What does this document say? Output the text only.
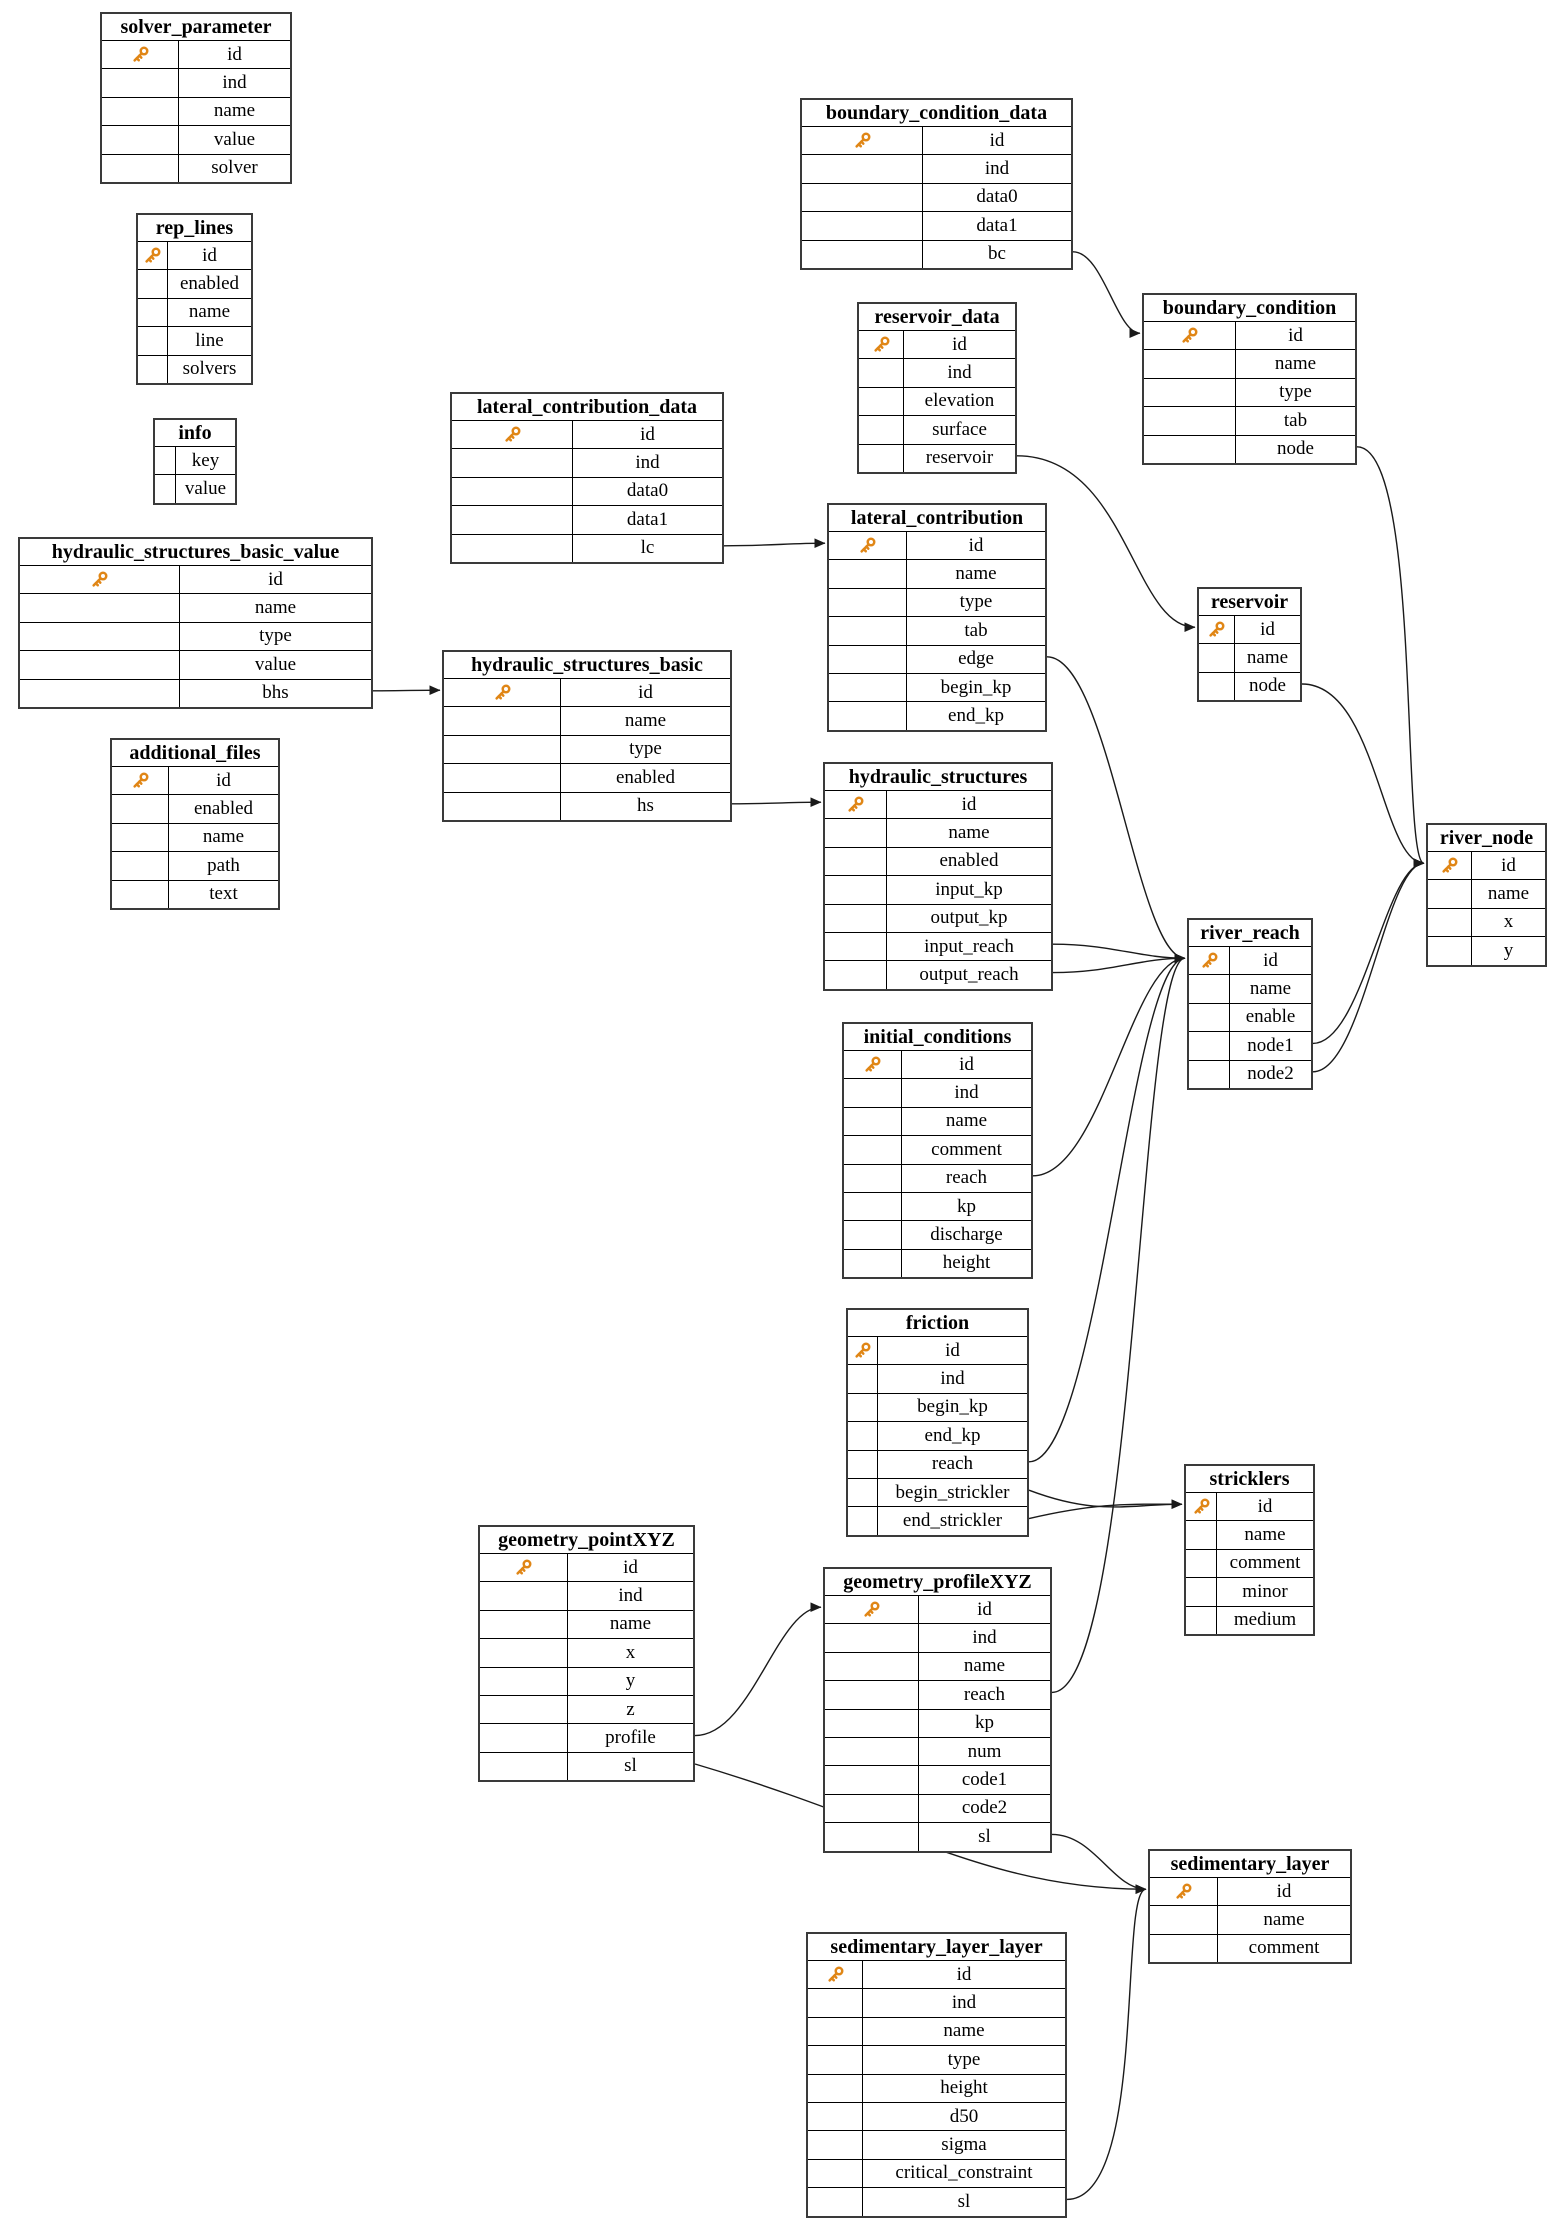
solver_parameter
id
ind
name
value
solver
rep_lines
id
enabled
name
line
solvers
info
key
value
hydraulic_structures_basic_value
id
name
type
value
bhs
additional_files
id
enabled
name
path
text
lateral_contribution_data
id
ind
data0
data1
lc
hydraulic_structures_basic
id
name
type
enabled
hs
boundary_condition_data
id
ind
data0
data1
bc
reservoir_data
id
ind
elevation
surface
reservoir
boundary_condition
id
name
type
tab
node
reservoir
id
name
node
lateral_contribution
id
name
type
tab
edge
begin_kp
end_kp
hydraulic_structures
id
name
enabled
input_kp
output_kp
input_reach
output_reach
river_reach
id
name
enable
node1
node2
river_node
id
name
x
y
initial_conditions
id
ind
name
comment
reach
kp
discharge
height
friction
id
ind
begin_kp
end_kp
reach
begin_strickler
end_strickler
stricklers
id
name
comment
minor
medium
geometry_pointXYZ
id
ind
name
x
y
z
profile
sl
geometry_profileXYZ
id
ind
name
reach
kp
num
code1
code2
sl
sedimentary_layer
id
name
comment
sedimentary_layer_layer
id
ind
name
type
height
d50
sigma
critical_constraint
sl
